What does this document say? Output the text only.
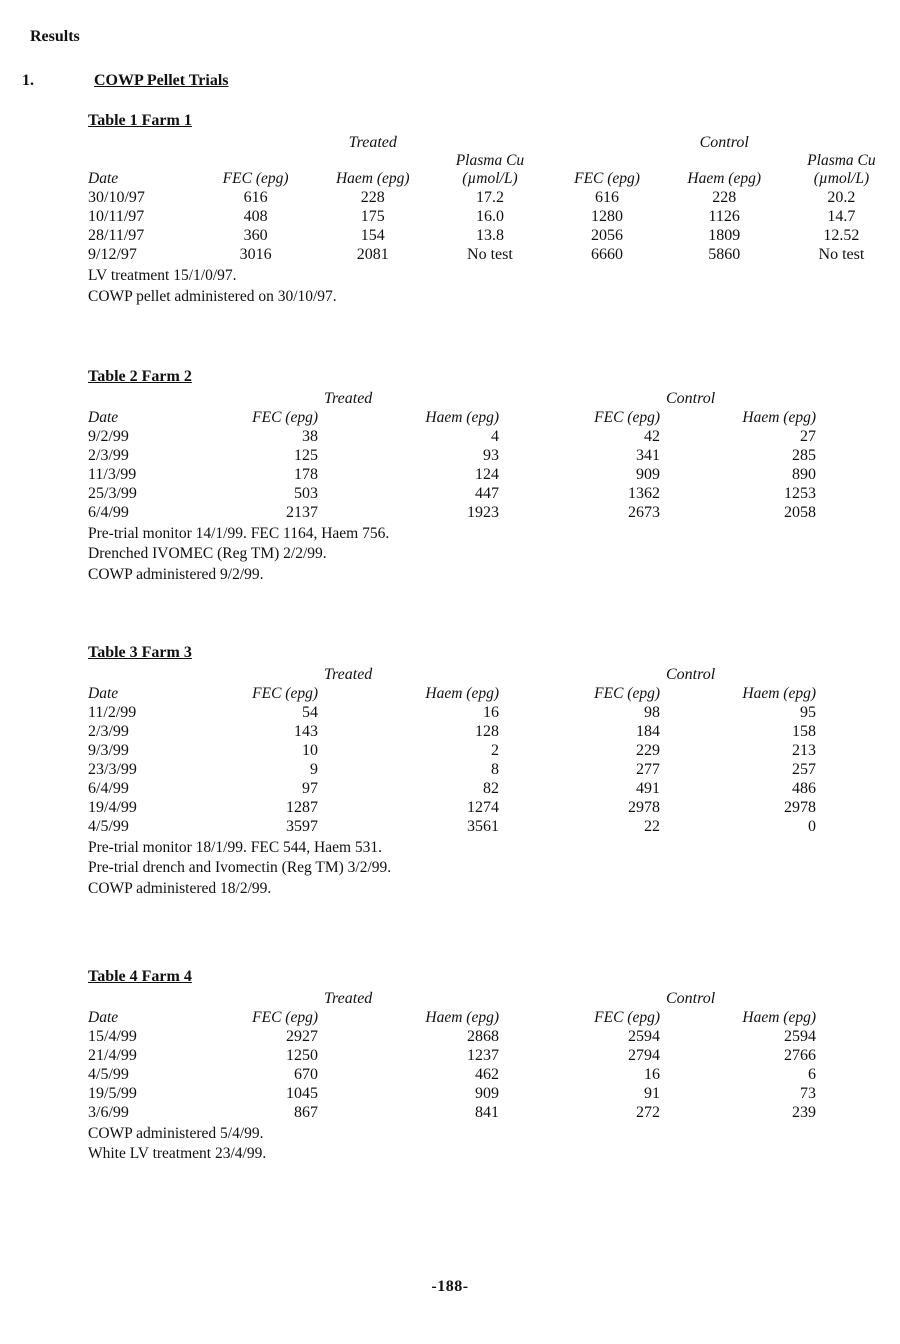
Results
1.	COWP Pellet Trials
Table 1 Farm 1
		Treated			Control	
			Plasma Cu			Plasma Cu
Date	FEC (epg)	Haem (epg)	(µmol/L)	FEC (epg)	Haem (epg)	(µmol/L)
30/10/97	616	228	17.2	616	228	20.2
10/11/97	408	175	16.0	1280	1126	14.7
28/11/97	360	154	13.8	2056	1809	12.52
9/12/97	3016	2081	No test	6660	5860	No test
LV treatment 15/1/0/97.
COWP pellet administered on 30/10/97.
Table 2 Farm 2
		Treated		Control
Date	FEC (epg)	Haem (epg)	FEC (epg)	Haem (epg)
9/2/99	38	4	42	27
2/3/99	125	93	341	285
11/3/99	178	124	909	890
25/3/99	503	447	1362	1253
6/4/99	2137	1923	2673	2058
Pre-trial monitor 14/1/99. FEC 1164, Haem 756.
Drenched IVOMEC (Reg TM) 2/2/99.
COWP administered 9/2/99.
Table 3 Farm 3
		Treated		Control
Date	FEC (epg)	Haem (epg)	FEC (epg)	Haem (epg)
11/2/99	54	16	98	95
2/3/99	143	128	184	158
9/3/99	10	2	229	213
23/3/99	9	8	277	257
6/4/99	97	82	491	486
19/4/99	1287	1274	2978	2978
4/5/99	3597	3561	22	0
Pre-trial monitor 18/1/99. FEC 544, Haem 531.
Pre-trial drench and Ivomectin (Reg TM) 3/2/99.
COWP administered 18/2/99.
Table 4 Farm 4
		Treated		Control
Date	FEC (epg)	Haem (epg)	FEC (epg)	Haem (epg)
15/4/99	2927	2868	2594	2594
21/4/99	1250	1237	2794	2766
4/5/99	670	462	16	6
19/5/99	1045	909	91	73
3/6/99	867	841	272	239
COWP administered 5/4/99.
White LV treatment 23/4/99.
-188-
